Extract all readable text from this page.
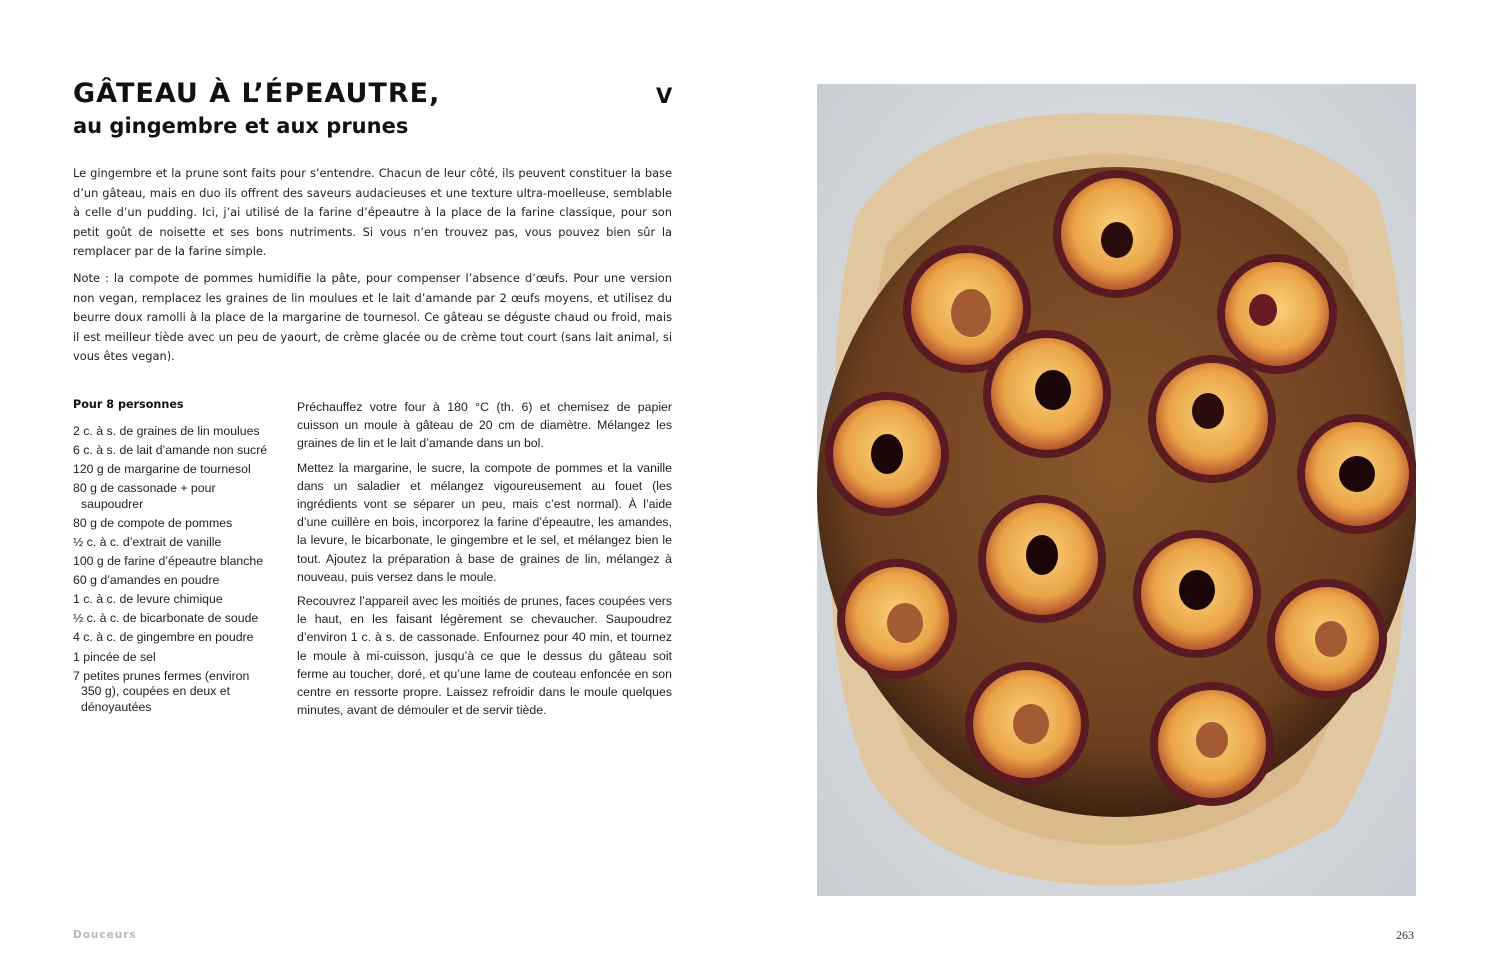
GÂTEAU À L’ÉPEAUTRE,
au gingembre et aux prunes
V

Le gingembre et la prune sont faits pour s’entendre. Chacun de leur côté, ils peuvent constituer la base d’un gâteau, mais en duo ils offrent des saveurs audacieuses et une texture ultra-moelleuse, semblable à celle d’un pudding. Ici, j’ai utilisé de la farine d’épeautre à la place de la farine classique, pour son petit goût de noisette et ses bons nutriments. Si vous n’en trouvez pas, vous pouvez bien sûr la remplacer par de la farine simple.

Note : la compote de pommes humidifie la pâte, pour compenser l’absence d’œufs. Pour une version non vegan, remplacez les graines de lin moulues et le lait d’amande par 2 œufs moyens, et utilisez du beurre doux ramolli à la place de la margarine de tournesol. Ce gâteau se déguste chaud ou froid, mais il est meilleur tiède avec un peu de yaourt, de crème glacée ou de crème tout court (sans lait animal, si vous êtes vegan).

Pour 8 personnes
2 c. à s. de graines de lin moulues
6 c. à s. de lait d’amande non sucré
120 g de margarine de tournesol
80 g de cassonade + pour saupoudrer
80 g de compote de pommes
½ c. à c. d’extrait de vanille
100 g de farine d’épeautre blanche
60 g d’amandes en poudre
1 c. à c. de levure chimique
½ c. à c. de bicarbonate de soude
4 c. à c. de gingembre en poudre
1 pincée de sel
7 petites prunes fermes (environ 350 g), coupées en deux et dénoyautées

Préchauffez votre four à 180 °C (th. 6) et chemisez de papier cuisson un moule à gâteau de 20 cm de diamètre. Mélangez les graines de lin et le lait d’amande dans un bol.

Mettez la margarine, le sucre, la compote de pommes et la vanille dans un saladier et mélangez vigoureusement au fouet (les ingrédients vont se séparer un peu, mais c’est normal). À l’aide d’une cuillère en bois, incorporez la farine d’épeautre, les amandes, la levure, le bicarbonate, le gingembre et le sel, et mélangez bien le tout. Ajoutez la préparation à base de graines de lin, mélangez à nouveau, puis versez dans le moule.

Recouvrez l’appareil avec les moitiés de prunes, faces coupées vers le haut, en les faisant légèrement se chevaucher. Saupoudrez d’environ 1 c. à s. de cassonade. Enfournez pour 40 min, et tournez le moule à mi-cuisson, jusqu’à ce que le dessus du gâteau soit ferme au toucher, doré, et qu’une lame de couteau enfoncée en son centre en ressorte propre. Laissez refroidir dans le moule quelques minutes, avant de démouler et de servir tiède.

Douceurs	263
